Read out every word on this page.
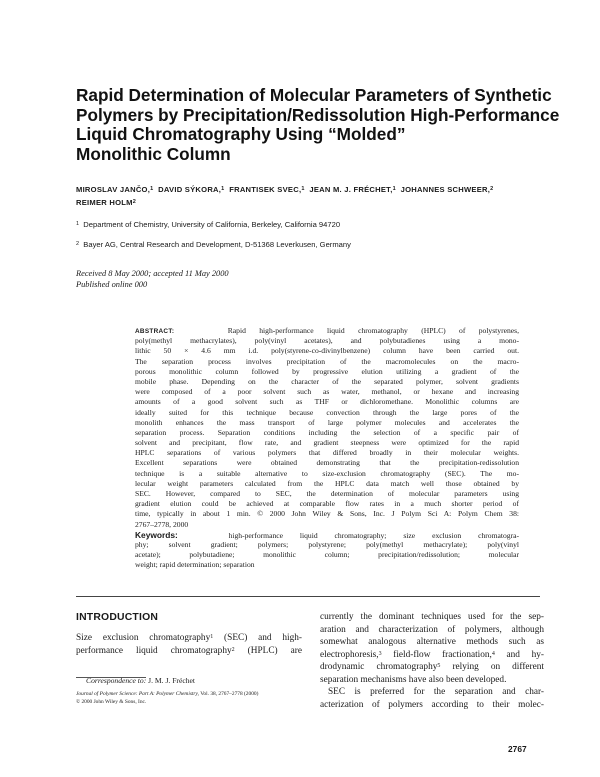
Rapid Determination of Molecular Parameters of Synthetic
Polymers by Precipitation/Redissolution High-Performance
Liquid Chromatography Using “Molded”
Monolithic Column
MIROSLAV JANČO,$^1$ DAVID SÝKORA,$^1$ FRANTISEK SVEC,$^1$ JEAN M. J. FRÉCHET,$^1$ JOHANNES SCHWEER,$^2$
REIMER HOLM$^2$
$^1$ Department of Chemistry, University of California, Berkeley, California 94720
$^2$ Bayer AG, Central Research and Development, D-51368 Leverkusen, Germany
Received 8 May 2000; accepted 11 May 2000
Published online 000
ABSTRACT:	Rapid high-performance liquid chromatography (HPLC) of polystyrenes,
poly(methyl methacrylates), poly(vinyl acetates), and polybutadienes using a mono-
lithic 50 × 4.6 mm i.d. poly(styrene-co-divinylbenzene) column have been carried out.
The separation process involves precipitation of the macromolecules on the macro-
porous monolithic column followed by progressive elution utilizing a gradient of the
mobile phase. Depending on the character of the separated polymer, solvent gradients
were composed of a poor solvent such as water, methanol, or hexane and increasing
amounts of a good solvent such as THF or dichloromethane. Monolithic columns are
ideally suited for this technique because convection through the large pores of the
monolith enhances the mass transport of large polymer molecules and accelerates the
separation process. Separation conditions including the selection of a specific pair of
solvent and precipitant, flow rate, and gradient steepness were optimized for the rapid
HPLC separations of various polymers that differed broadly in their molecular weights.
Excellent separations were obtained demonstrating that the precipitation-redissolution
technique is a suitable alternative to size-exclusion chromatography (SEC). The mo-
lecular weight parameters calculated from the HPLC data match well those obtained by
SEC. However, compared to SEC, the determination of molecular parameters using
gradient elution could be achieved at comparable flow rates in a much shorter period of
time, typically in about 1 min. © 2000 John Wiley & Sons, Inc. J Polym Sci A: Polym Chem 38:
2767–2778, 2000
Keywords:	high-performance liquid chromatography; size exclusion chromatogra-
phy; solvent gradient; polymers; polystyrene; poly(methyl methacrylate); poly(vinyl
acetate); polybutadiene; monolithic column; precipitation/redissolution; molecular
weight; rapid determination; separation
INTRODUCTION
Size exclusion chromatography$^1$ (SEC) and high-
performance liquid chromatography$^2$ (HPLC) are
currently the dominant techniques used for the sep-
aration and characterization of polymers, although
somewhat analogous alternative methods such as
electrophoresis,$^3$ field-flow fractionation,$^4$ and hy-
drodynamic chromatography$^5$ relying on different
separation mechanisms have also been developed.
SEC is preferred for the separation and char-
acterization of polymers according to their molec-
Correspondence to: J. M. J. Fréchet
Journal of Polymer Science: Part A: Polymer Chemistry, Vol. 38, 2767–2778 (2000)
© 2000 John Wiley & Sons, Inc.
2767
